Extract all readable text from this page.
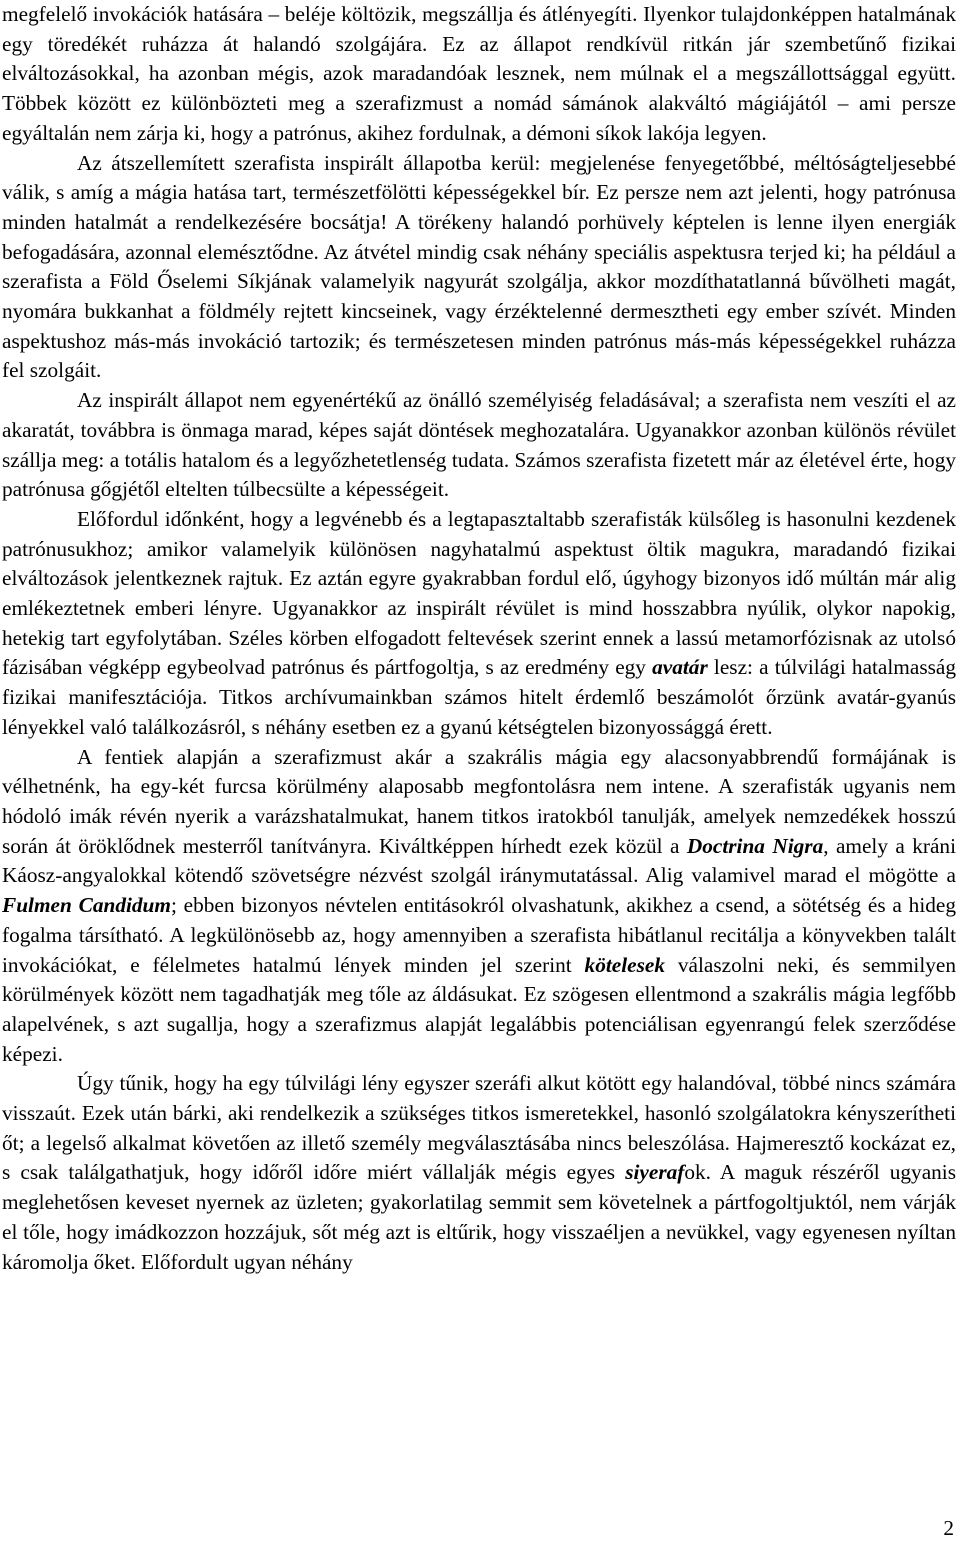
megfelelő invokációk hatására – beléje költözik, megszállja és átlényegíti. Ilyenkor tulajdonképpen hatalmának egy töredékét ruházza át halandó szolgájára. Ez az állapot rendkívül ritkán jár szembetűnő fizikai elváltozásokkal, ha azonban mégis, azok maradandóak lesznek, nem múlnak el a megszállottsággal együtt. Többek között ez különbözteti meg a szerafizmust a nomád sámánok alakváltó mágiájától – ami persze egyáltalán nem zárja ki, hogy a patrónus, akihez fordulnak, a démoni síkok lakója legyen.

Az átszellemített szerafista inspirált állapotba kerül: megjelenése fenyegetőbbé, méltóságteljesebbé válik, s amíg a mágia hatása tart, természetfölötti képességekkel bír. Ez persze nem azt jelenti, hogy patrónusa minden hatalmát a rendelkezésére bocsátja! A törékeny halandó porhüvely képtelen is lenne ilyen energiák befogadására, azonnal elemésztődne. Az átvétel mindig csak néhány speciális aspektusra terjed ki; ha például a szerafista a Föld Őselemi Síkjának valamelyik nagyurát szolgálja, akkor mozdíthatatlanná bűvölheti magát, nyomára bukkanhat a földmély rejtett kincseinek, vagy érzéktelenné dermesztheti egy ember szívét. Minden aspektushoz más-más invokáció tartozik; és természetesen minden patrónus más-más képességekkel ruházza fel szolgáit.

Az inspirált állapot nem egyenértékű az önálló személyiség feladásával; a szerafista nem veszíti el az akaratát, továbbra is önmaga marad, képes saját döntések meghozatalára. Ugyanakkor azonban különös révület szállja meg: a totális hatalom és a legyőzhetetlenség tudata. Számos szerafista fizetett már az életével érte, hogy patrónusa gőgjétől eltelten túlbecsülte a képességeit.

Előfordul időnként, hogy a legvénebb és a legtapasztaltabb szerafisták külsőleg is hasonulni kezdenek patrónusukhoz; amikor valamelyik különösen nagyhatalmú aspektust öltik magukra, maradandó fizikai elváltozások jelentkeznek rajtuk. Ez aztán egyre gyakrabban fordul elő, úgyhogy bizonyos idő múltán már alig emlékeztetnek emberi lényre. Ugyanakkor az inspirált révület is mind hosszabbra nyúlik, olykor napokig, hetekig tart egyfolytában. Széles körben elfogadott feltevések szerint ennek a lassú metamorfózisnak az utolsó fázisában végképp egybeolvad patrónus és pártfogoltja, s az eredmény egy avatár lesz: a túlvilági hatalmasság fizikai manifesztációja. Titkos archívumainkban számos hitelt érdemlő beszámolót őrzünk avatár-gyanús lényekkel való találkozásról, s néhány esetben ez a gyanú kétségtelen bizonyossággá érett.

A fentiek alapján a szerafizmust akár a szakrális mágia egy alacsonyabbrendű formájának is vélhetnénk, ha egy-két furcsa körülmény alaposabb megfontolásra nem intene. A szerafisták ugyanis nem hódoló imák révén nyerik a varázshatalmukat, hanem titkos iratokból tanulják, amelyek nemzedékek hosszú során át öröklődnek mesterről tanítványra. Kiváltképpen hírhedt ezek közül a Doctrina Nigra, amely a kráni Káosz-angyalokkal kötendő szövetségre nézvést szolgál iránymutatással. Alig valamivel marad el mögötte a Fulmen Candidum; ebben bizonyos névtelen entitásokról olvashatunk, akikhez a csend, a sötétség és a hideg fogalma társítható. A legkülönösebb az, hogy amennyiben a szerafista hibátlanul recitálja a könyvekben talált invokációkat, e félelmetes hatalmú lények minden jel szerint kötelesek válaszolni neki, és semmilyen körülmények között nem tagadhatják meg tőle az áldásukat. Ez szögesen ellentmond a szakrális mágia legfőbb alapelvének, s azt sugallja, hogy a szerafizmus alapját legalábbis potenciálisan egyenrangú felek szerződése képezi.

Úgy tűnik, hogy ha egy túlvilági lény egyszer szeráfi alkut kötött egy halandóval, többé nincs számára visszaút. Ezek után bárki, aki rendelkezik a szükséges titkos ismeretekkel, hasonló szolgálatokra kényszerítheti őt; a legelső alkalmat követően az illető személy megválasztásába nincs beleszólása. Hajmeresztő kockázat ez, s csak találgathatjuk, hogy időről időre miért vállalják mégis egyes siyerafok. A maguk részéről ugyanis meglehetősen keveset nyernek az üzleten; gyakorlatilag semmit sem követelnek a pártfogoltjuktól, nem várják el tőle, hogy imádkozzon hozzájuk, sőt még azt is eltűrik, hogy visszaéljen a nevükkel, vagy egyenesen nyíltan káromolja őket. Előfordult ugyan néhány

2
